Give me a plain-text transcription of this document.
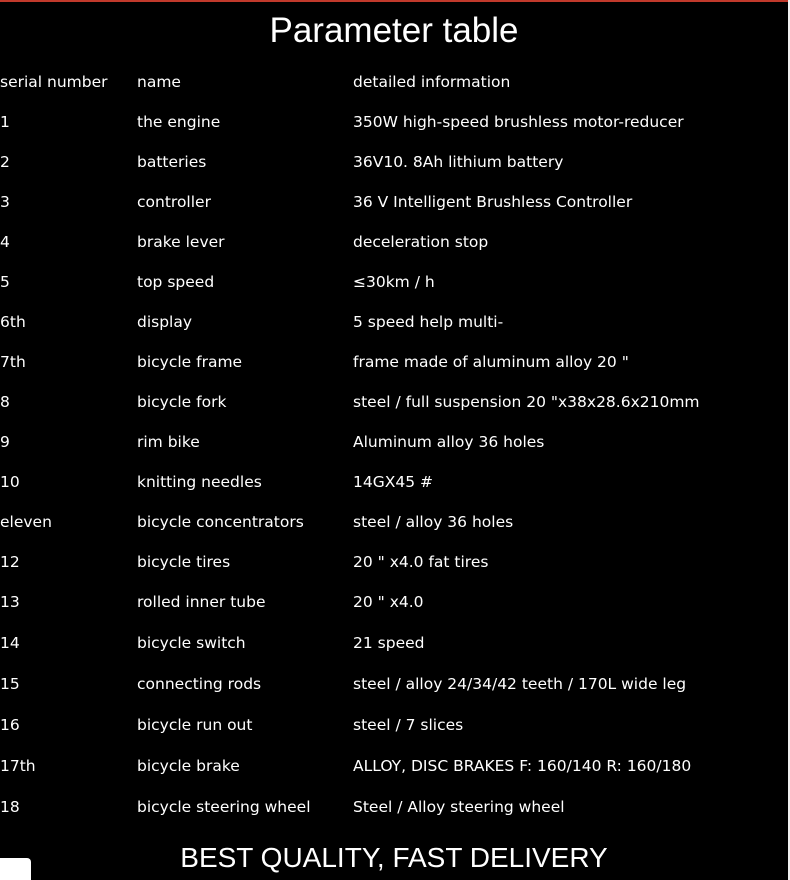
Parameter table
serial number	name	detailed information
1	the engine	350W high-speed brushless motor-reducer
2	batteries	36V10. 8Ah lithium battery
3	controller	36 V Intelligent Brushless Controller
4	brake lever	deceleration stop
5	top speed	≤30km / h
6th	display	5 speed help multi-
7th	bicycle frame	frame made of aluminum alloy 20 "
8	bicycle fork	steel / full suspension 20 "x38x28.6x210mm
9	rim bike	Aluminum alloy 36 holes
10	knitting needles	14GX45 #
eleven	bicycle concentrators	steel / alloy 36 holes
12	bicycle tires	20 " x4.0 fat tires
13	rolled inner tube	20 " x4.0
14	bicycle switch	21 speed
15	connecting rods	steel / alloy 24/34/42 teeth / 170L wide leg
16	bicycle run out	steel / 7 slices
17th	bicycle brake	ALLOY, DISC BRAKES F: 160/140 R: 160/180
18	bicycle steering wheel	Steel / Alloy steering wheel
BEST QUALITY, FAST DELIVERY
